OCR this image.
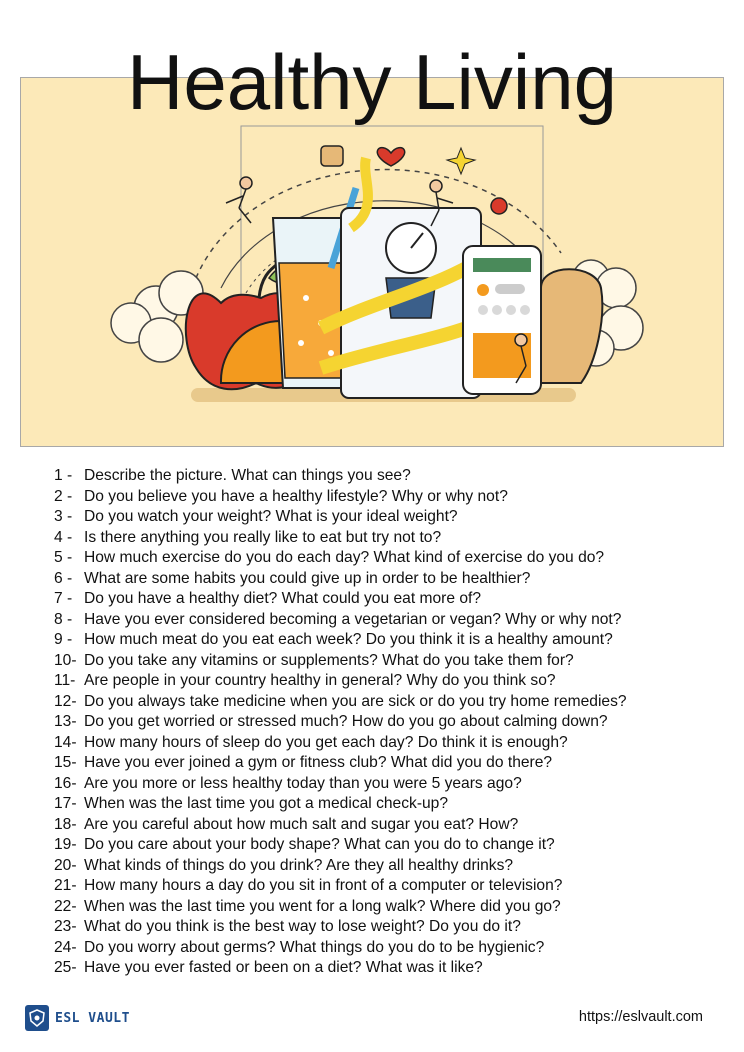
Healthy Living
1 - Describe the picture. What can things you see?
2 - Do you believe you have a healthy lifestyle? Why or why not?
3 - Do you watch your weight? What is your ideal weight?
4 - Is there anything you really like to eat but try not to?
5 - How much exercise do you do each day? What kind of exercise do you do?
6 - What are some habits you could give up in order to be healthier?
7 - Do you have a healthy diet? What could you eat more of?
8 - Have you ever considered becoming a vegetarian or vegan? Why or why not?
9 - How much meat do you eat each week? Do you think it is a healthy amount?
10- Do you take any vitamins or supplements? What do you take them for?
11- Are people in your country healthy in general? Why do you think so?
12- Do you always take medicine when you are sick or do you try home remedies?
13- Do you get worried or stressed much? How do you go about calming down?
14- How many hours of sleep do you get each day? Do think it is enough?
15- Have you ever joined a gym or fitness club? What did you do there?
16- Are you more or less healthy today than you were 5 years ago?
17- When was the last time you got a medical check-up?
18- Are you careful about how much salt and sugar you eat? How?
19- Do you care about your body shape? What can you do to change it?
20- What kinds of things do you drink? Are they all healthy drinks?
21- How many hours a day do you sit in front of a computer or television?
22- When was the last time you went for a long walk? Where did you go?
23- What do you think is the best way to lose weight? Do you do it?
24- Do you worry about germs? What things do you do to be hygienic?
25- Have you ever fasted or been on a diet? What was it like?
ESL VAULT	https://eslvault.com
